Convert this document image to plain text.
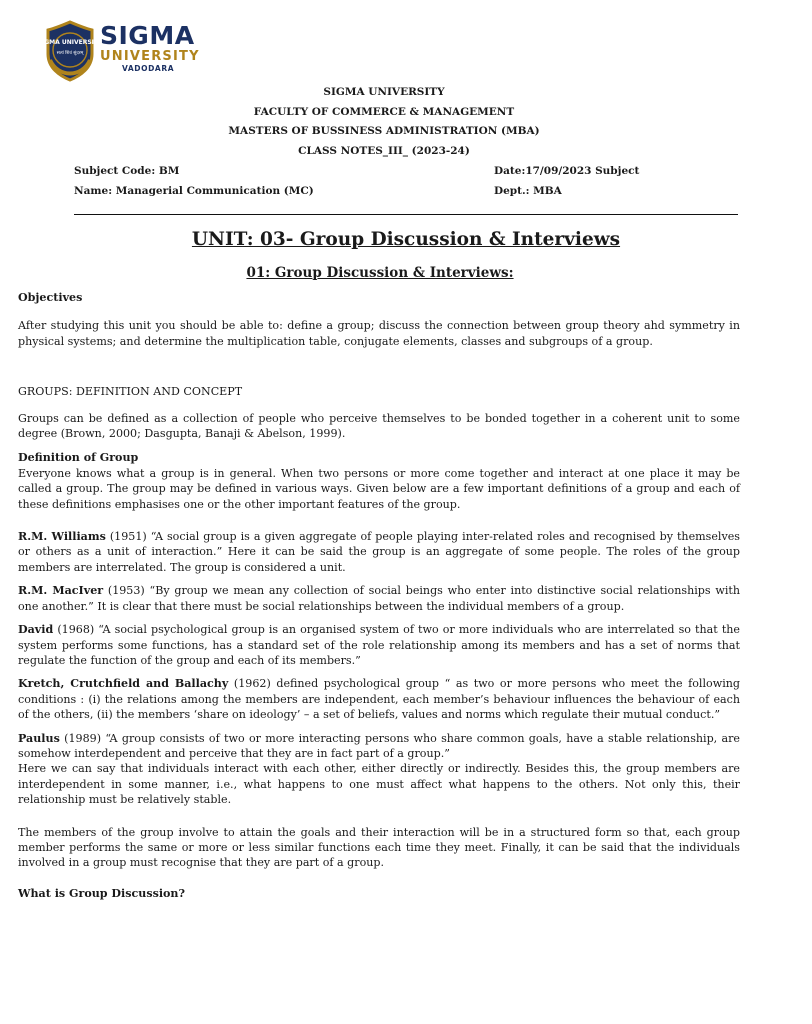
SIGMA UNIVERSITY
सत्यं शिवं सुंदरम्
SIGMA
UNIVERSITY
VADODARA
SIGMA UNIVERSITY
FACULTY OF COMMERCE & MANAGEMENT
MASTERS OF BUSSINESS ADMINISTRATION (MBA)
CLASS NOTES_III_ (2023-24)
Subject Code: BM	Date:17/09/2023 Subject
Name: Managerial Communication (MC)	Dept.: MBA
UNIT: 03- Group Discussion & Interviews
01: Group Discussion & Interviews:

Objectives

After studying this unit you should be able to: define a group; discuss the connection between group theory ahd symmetry in physical systems; and determine the multiplication table, conjugate elements, classes and subgroups of a group.

GROUPS: DEFINITION AND CONCEPT

Groups can be defined as a collection of people who perceive themselves to be bonded together in a coherent unit to some degree (Brown, 2000; Dasgupta, Banaji & Abelson, 1999).

Definition of Group

Everyone knows what a group is in general. When two persons or more come together and interact at one place it may be called a group. The group may be defined in various ways. Given below are a few important definitions of a group and each of these definitions emphasises one or the other important features of the group.

R.M. Williams (1951) “A social group is a given aggregate of people playing inter-related roles and recognised by themselves or others as a unit of interaction.” Here it can be said the group is an aggregate of some people. The roles of the group members are interrelated. The group is considered a unit.

R.M. MacIver (1953) “By group we mean any collection of social beings who enter into distinctive social relationships with one another.” It is clear that there must be social relationships between the individual members of a group.

David (1968) “A social psychological group is an organised system of two or more individuals who are interrelated so that the system performs some functions, has a standard set of the role relationship among its members and has a set of norms that regulate the function of the group and each of its members.”

Kretch, Crutchfield and Ballachy (1962) defined psychological group “ as two or more persons who meet the following conditions : (i) the relations among the members are independent, each member’s behaviour influences the behaviour of each of the others, (ii) the members ‘share on ideology’ – a set of beliefs, values and norms which regulate their mutual conduct.”

Paulus (1989) “A group consists of two or more interacting persons who share common goals, have a stable relationship, are somehow interdependent and perceive that they are in fact part of a group.”

Here we can say that individuals interact with each other, either directly or indirectly. Besides this, the group members are interdependent in some manner, i.e., what happens to one must affect what happens to the others. Not only this, their relationship must be relatively stable.

The members of the group involve to attain the goals and their interaction will be in a structured form so that, each group member performs the same or more or less similar functions each time they meet. Finally, it can be said that the individuals involved in a group must recognise that they are part of a group.

What is Group Discussion?
